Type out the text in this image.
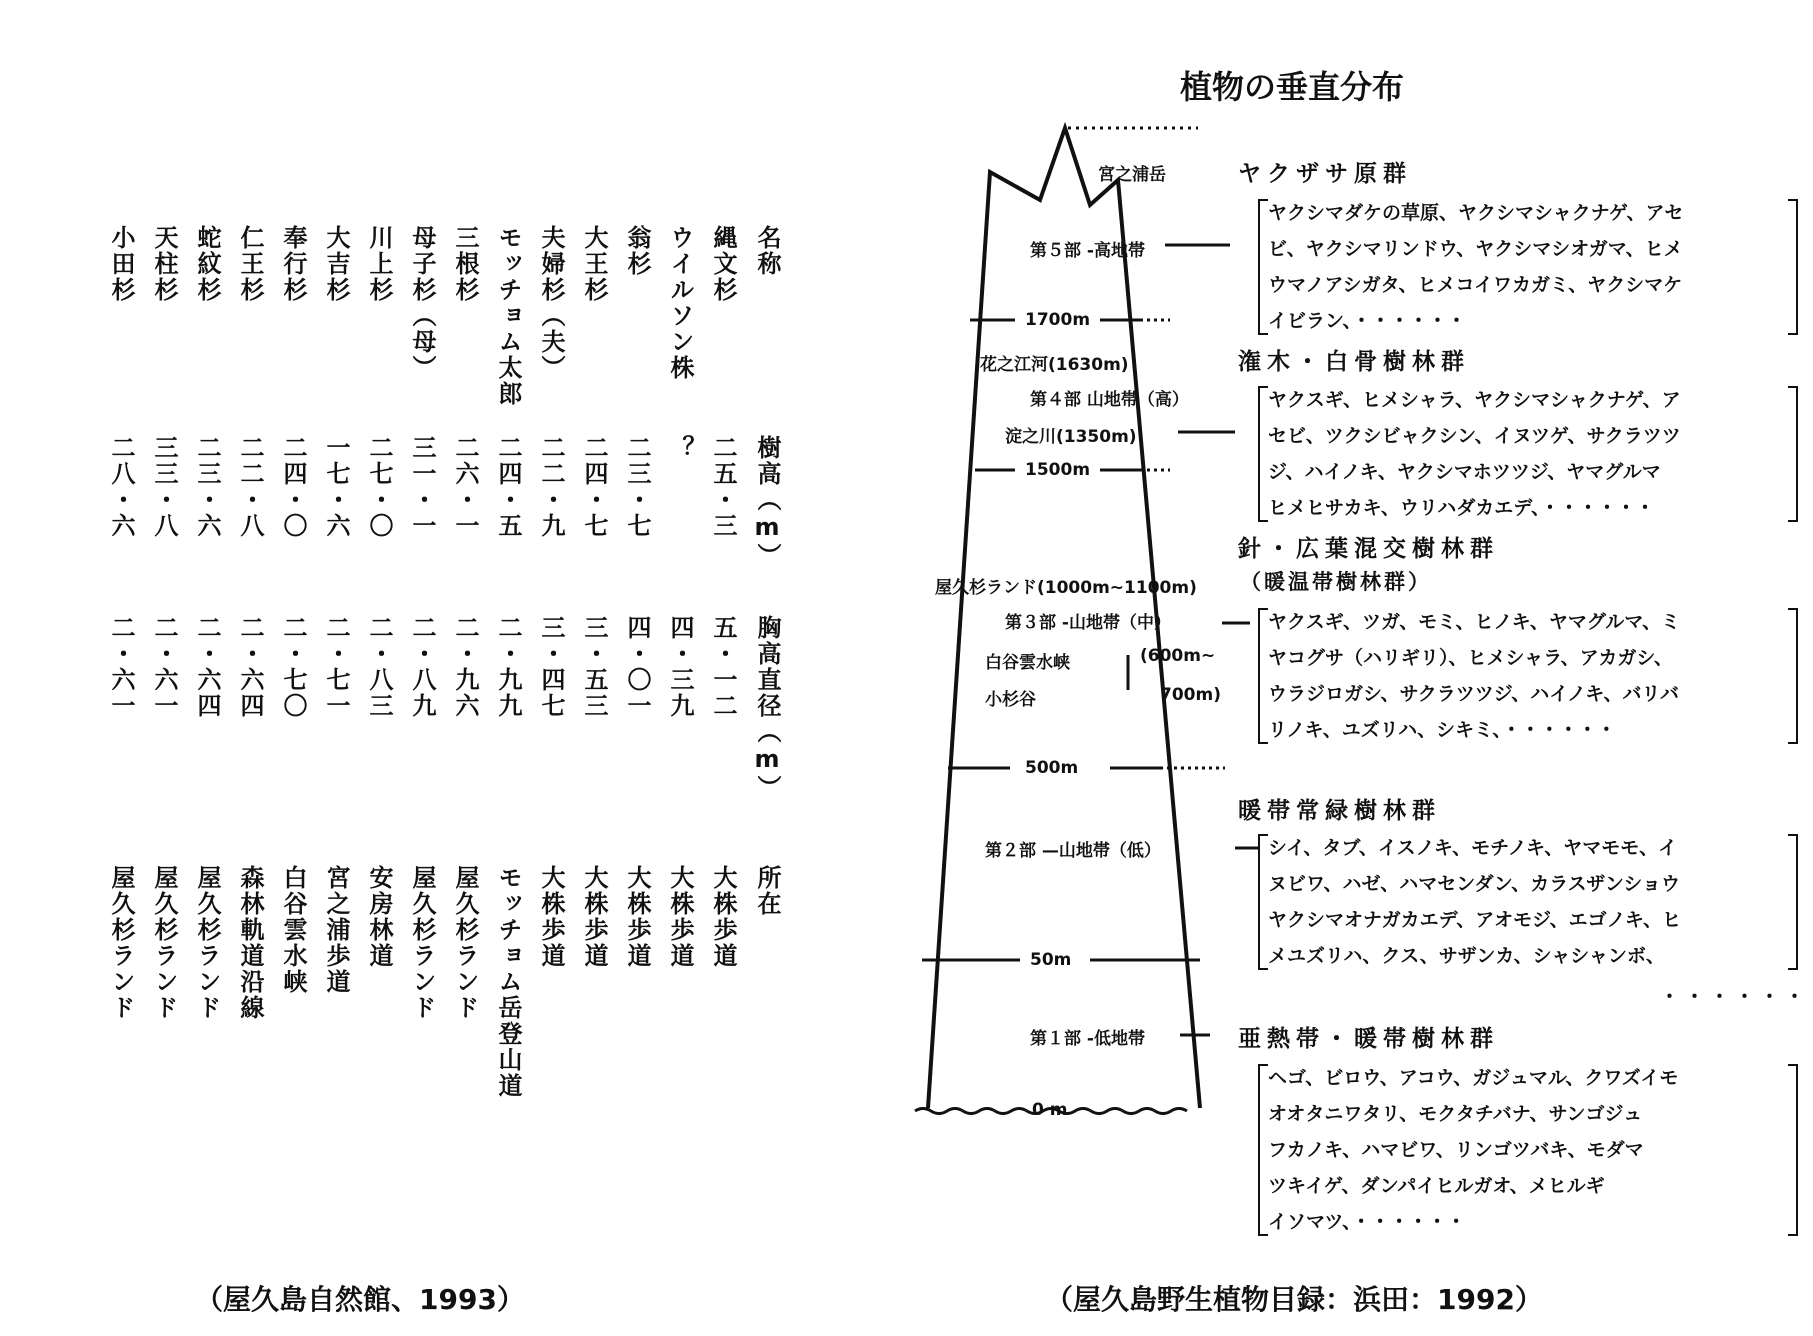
名称
樹高（m）
胸高直径（m）
所在
縄文杉
二五・三
五・一二
大株歩道
ウイルソン株
？
四・三九
大株歩道
翁杉
二三・七
四・〇一
大株歩道
大王杉
二四・七
三・五三
大株歩道
夫婦杉（夫）
二二・九
三・四七
大株歩道
モッチョム太郎
二四・五
二・九九
モッチョム岳登山道
三根杉
二六・一
二・九六
屋久杉ランド
母子杉（母）
三一・一
二・八九
屋久杉ランド
川上杉
二七・〇
二・八三
安房林道
大吉杉
一七・六
二・七一
宮之浦歩道
奉行杉
二四・〇
二・七〇
白谷雲水峡
仁王杉
二二・八
二・六四
森林軌道沿線
蛇紋杉
二三・六
二・六四
屋久杉ランド
天柱杉
三三・八
二・六一
屋久杉ランド
小田杉
二八・六
二・六一
屋久杉ランド
（屋久島自然館、1993）
植物の垂直分布
宮之浦岳
1700m
1500m
500m
50m
0 m
花之江河(1630m)
淀之川(1350m)
屋久杉ランド(1000m~1100m)
白谷雲水峡
小杉谷
(600m~
700m)
第５部 -高地帯
第４部 山地帯（高）
第３部 -山地帯（中）
第２部 —山地帯（低）
第１部 -低地帯
ヤクザサ原群
潅木・白骨樹林群
針・広葉混交樹林群
（暖温帯樹林群）
暖帯常緑樹林群
亜熱帯・暖帯樹林群
ヤクシマダケの草原、ヤクシマシャクナゲ、アセ
ビ、ヤクシマリンドウ、ヤクシマシオガマ、ヒメ
ウマノアシガタ、ヒメコイワカガミ、ヤクシマケ
イビラン、・・・・・・
ヤクスギ、ヒメシャラ、ヤクシマシャクナゲ、ア
セビ、ツクシビャクシン、イヌツゲ、サクラツツ
ジ、ハイノキ、ヤクシマホツツジ、ヤマグルマ
ヒメヒサカキ、ウリハダカエデ、・・・・・・
ヤクスギ、ツガ、モミ、ヒノキ、ヤマグルマ、ミ
ヤコグサ（ハリギリ）、ヒメシャラ、アカガシ、
ウラジロガシ、サクラツツジ、ハイノキ、バリバ
リノキ、ユズリハ、シキミ、・・・・・・
シイ、タブ、イスノキ、モチノキ、ヤマモモ、イ
ヌビワ、ハゼ、ハマセンダン、カラスザンショウ
ヤクシマオナガカエデ、アオモジ、エゴノキ、ヒ
メユズリハ、クス、サザンカ、シャシャンボ、
・・・・・・
ヘゴ、ビロウ、アコウ、ガジュマル、クワズイモ
オオタニワタリ、モクタチバナ、サンゴジュ
フカノキ、ハマビワ、リンゴツバキ、モダマ
ツキイゲ、ダンパイヒルガオ、メヒルギ
イソマツ、・・・・・・
（屋久島野生植物目録：浜田：1992）
